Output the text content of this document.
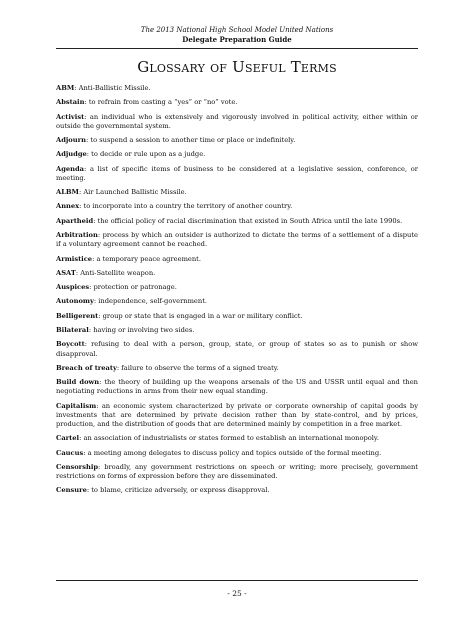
The 2013 National High School Model United Nations
Delegate Preparation Guide
Glossary of Useful Terms

ABM: Anti-Ballistic Missile.

Abstain: to refrain from casting a “yes” or “no” vote.

Activist: an individual who is extensively and vigorously involved in political activity, either within or outside the governmental system.

Adjourn: to suspend a session to another time or place or indefinitely.

Adjudge: to decide or rule upon as a judge.

Agenda: a list of specific items of business to be considered at a legislative session, conference, or meeting.

ALBM: Air Launched Ballistic Missile.

Annex: to incorporate into a country the territory of another country.

Apartheid: the official policy of racial discrimination that existed in South Africa until the late 1990s.

Arbitration: process by which an outsider is authorized to dictate the terms of a settlement of a dispute if a voluntary agreement cannot be reached.

Armistice: a temporary peace agreement.

ASAT: Anti-Satellite weapon.

Auspices: protection or patronage.

Autonomy: independence, self-government.

Belligerent: group or state that is engaged in a war or military conflict.

Bilateral: having or involving two sides.

Boycott: refusing to deal with a person, group, state, or group of states so as to punish or show disapproval.

Breach of treaty: failure to observe the terms of a signed treaty.

Build down: the theory of building up the weapons arsenals of the US and USSR until equal and then negotiating reductions in arms from their new equal standing.

Capitalism: an economic system characterized by private or corporate ownership of capital goods by investments that are determined by private decision rather than by state-control, and by prices, production, and the distribution of goods that are determined mainly by competition in a free market.

Cartel: an association of industrialists or states formed to establish an international monopoly.

Caucus: a meeting among delegates to discuss policy and topics outside of the formal meeting.

Censorship: broadly, any government restrictions on speech or writing; more precisely, government restrictions on forms of expression before they are disseminated.

Censure: to blame, criticize adversely, or express disapproval.

- 25 -
